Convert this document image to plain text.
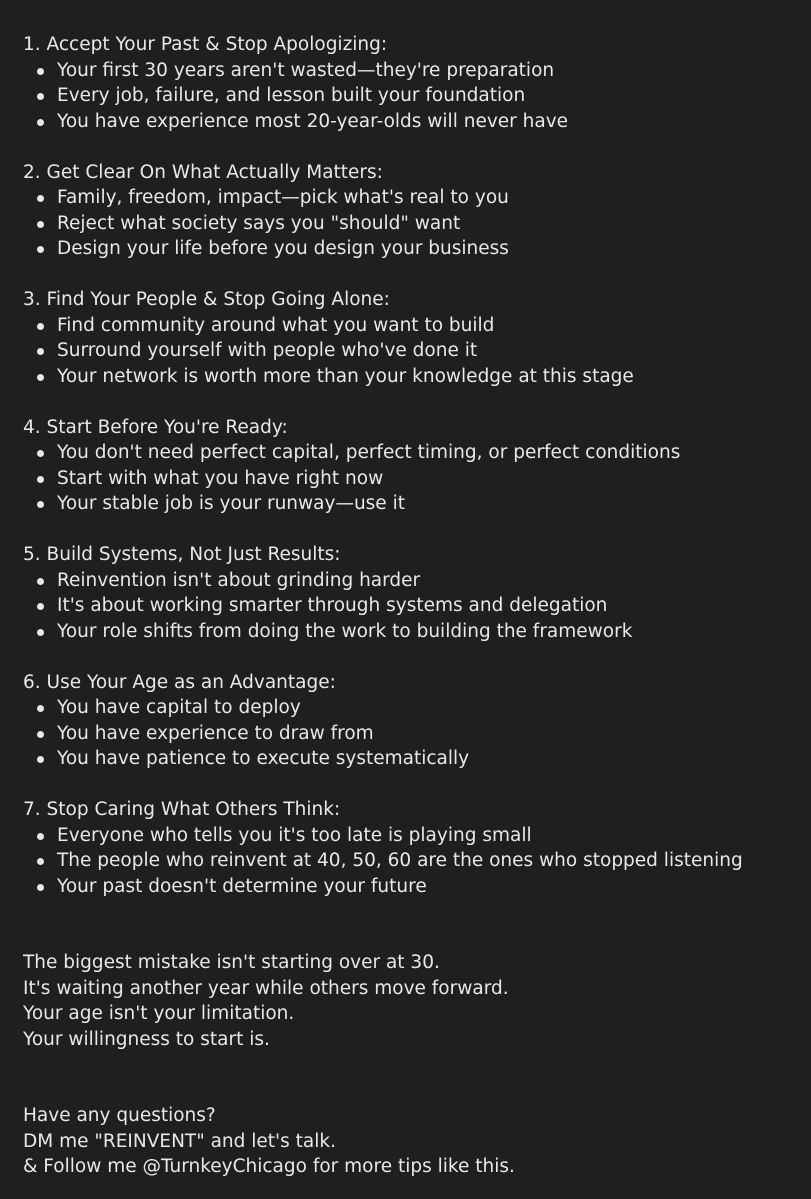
1. Accept Your Past & Stop Apologizing:

Your first 30 years aren't wasted—they're preparation
Every job, failure, and lesson built your foundation
You have experience most 20-year-olds will never have

2. Get Clear On What Actually Matters:

Family, freedom, impact—pick what's real to you
Reject what society says you "should" want
Design your life before you design your business

3. Find Your People & Stop Going Alone:

Find community around what you want to build
Surround yourself with people who've done it
Your network is worth more than your knowledge at this stage

4. Start Before You're Ready:

You don't need perfect capital, perfect timing, or perfect conditions
Start with what you have right now
Your stable job is your runway—use it

5. Build Systems, Not Just Results:

Reinvention isn't about grinding harder
It's about working smarter through systems and delegation
Your role shifts from doing the work to building the framework

6. Use Your Age as an Advantage:

You have capital to deploy
You have experience to draw from
You have patience to execute systematically

7. Stop Caring What Others Think:

Everyone who tells you it's too late is playing small
The people who reinvent at 40, 50, 60 are the ones who stopped listening
Your past doesn't determine your future
The biggest mistake isn't starting over at 30.
It's waiting another year while others move forward.
Your age isn't your limitation.
Your willingness to start is.
Have any questions?
DM me "REINVENT" and let's talk.
& Follow me @TurnkeyChicago for more tips like this.
